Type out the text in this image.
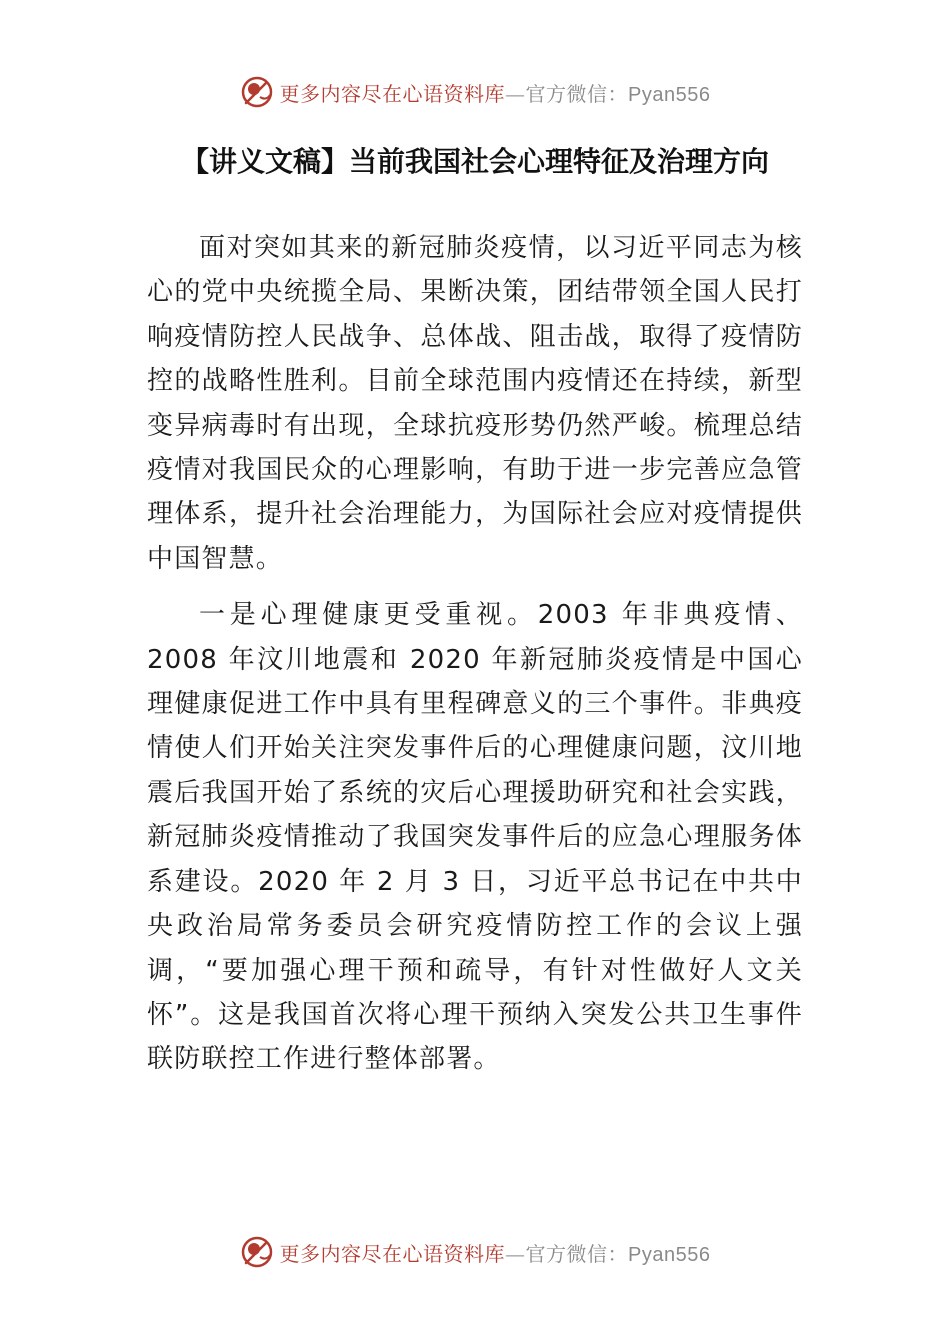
更多内容尽在心语资料库—官方微信：Pyan556
【讲义文稿】当前我国社会心理特征及治理方向

面对突如其来的新冠肺炎疫情，以习近平同志为核心的党中央统揽全局、果断决策，团结带领全国人民打响疫情防控人民战争、总体战、阻击战，取得了疫情防控的战略性胜利。目前全球范围内疫情还在持续，新型变异病毒时有出现，全球抗疫形势仍然严峻。梳理总结疫情对我国民众的心理影响，有助于进一步完善应急管理体系，提升社会治理能力，为国际社会应对疫情提供中国智慧。

一是心理健康更受重视。2003 年非典疫情、2008 年汶川地震和 2020 年新冠肺炎疫情是中国心理健康促进工作中具有里程碑意义的三个事件。非典疫情使人们开始关注突发事件后的心理健康问题，汶川地震后我国开始了系统的灾后心理援助研究和社会实践，新冠肺炎疫情推动了我国突发事件后的应急心理服务体系建设。2020 年 2 月 3 日，习近平总书记在中共中央政治局常务委员会研究疫情防控工作的会议上强调，“要加强心理干预和疏导，有针对性做好人文关怀”。这是我国首次将心理干预纳入突发公共卫生事件联防联控工作进行整体部署。

更多内容尽在心语资料库—官方微信：Pyan556
